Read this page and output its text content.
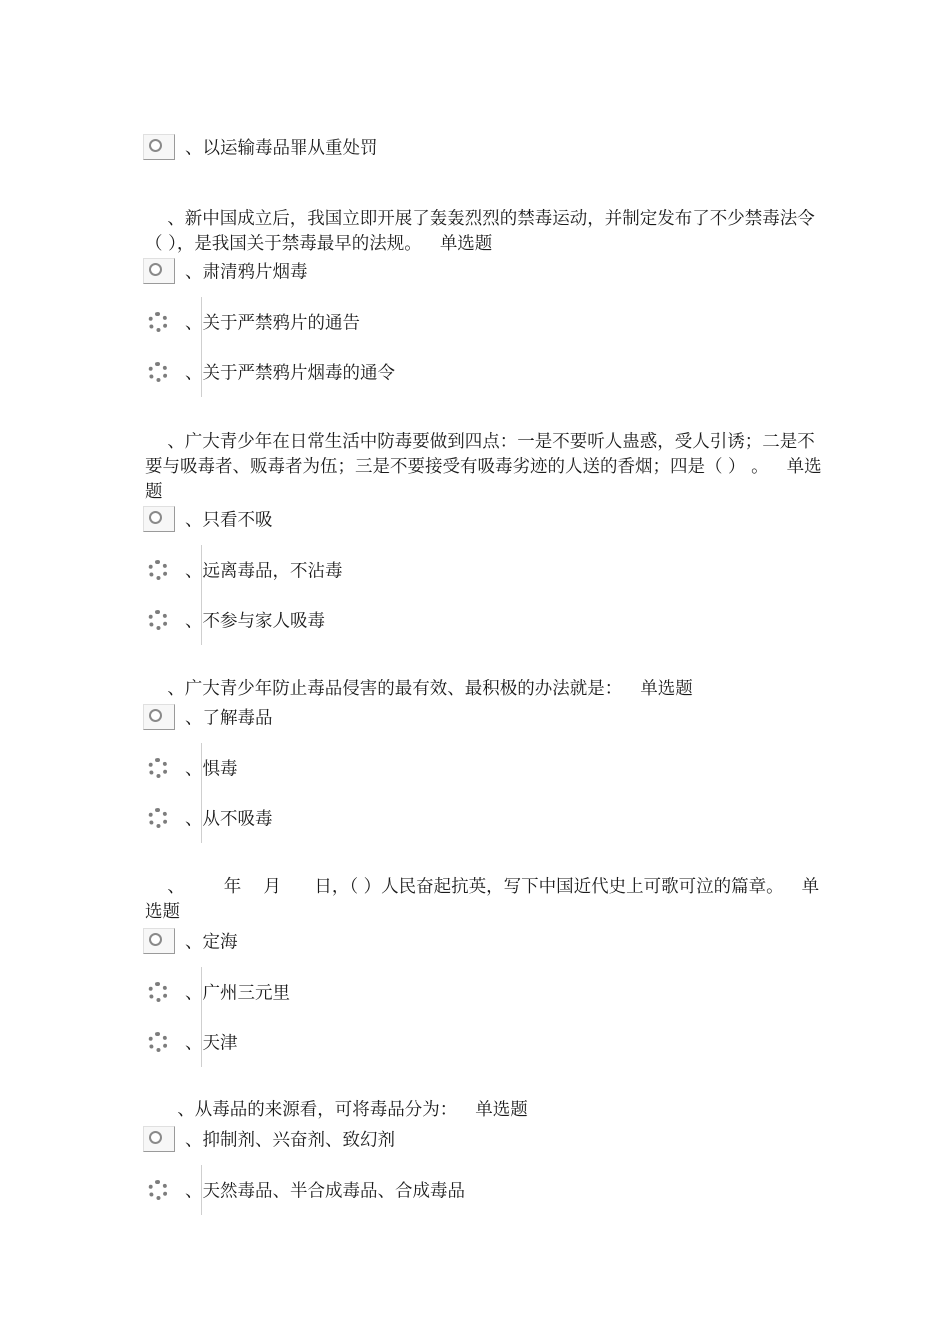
、以运输毒品罪从重处罚

、新中国成立后，我国立即开展了轰轰烈烈的禁毒运动，并制定发布了不少禁毒法令（ ），是我国关于禁毒最早的法规。 单选题

、肃清鸦片烟毒
、关于严禁鸦片的通告
、关于严禁鸦片烟毒的通令

、广大青少年在日常生活中防毒要做到四点：一是不要听人蛊惑，受人引诱；二是不要与吸毒者、贩毒者为伍；三是不要接受有吸毒劣迹的人送的香烟；四是（ ） 。 单选题

、只看不吸
、远离毒品，不沾毒
、不参与家人吸毒

、广大青少年防止毒品侵害的最有效、最积极的办法就是： 单选题

、了解毒品
、惧毒
、从不吸毒

、       年    月      日，（ ）人民奋起抗英，写下中国近代史上可歌可泣的篇章。 单选题

、定海
、广州三元里
、天津

、从毒品的来源看，可将毒品分为： 单选题

、抑制剂、兴奋剂、致幻剂
、天然毒品、半合成毒品、合成毒品
